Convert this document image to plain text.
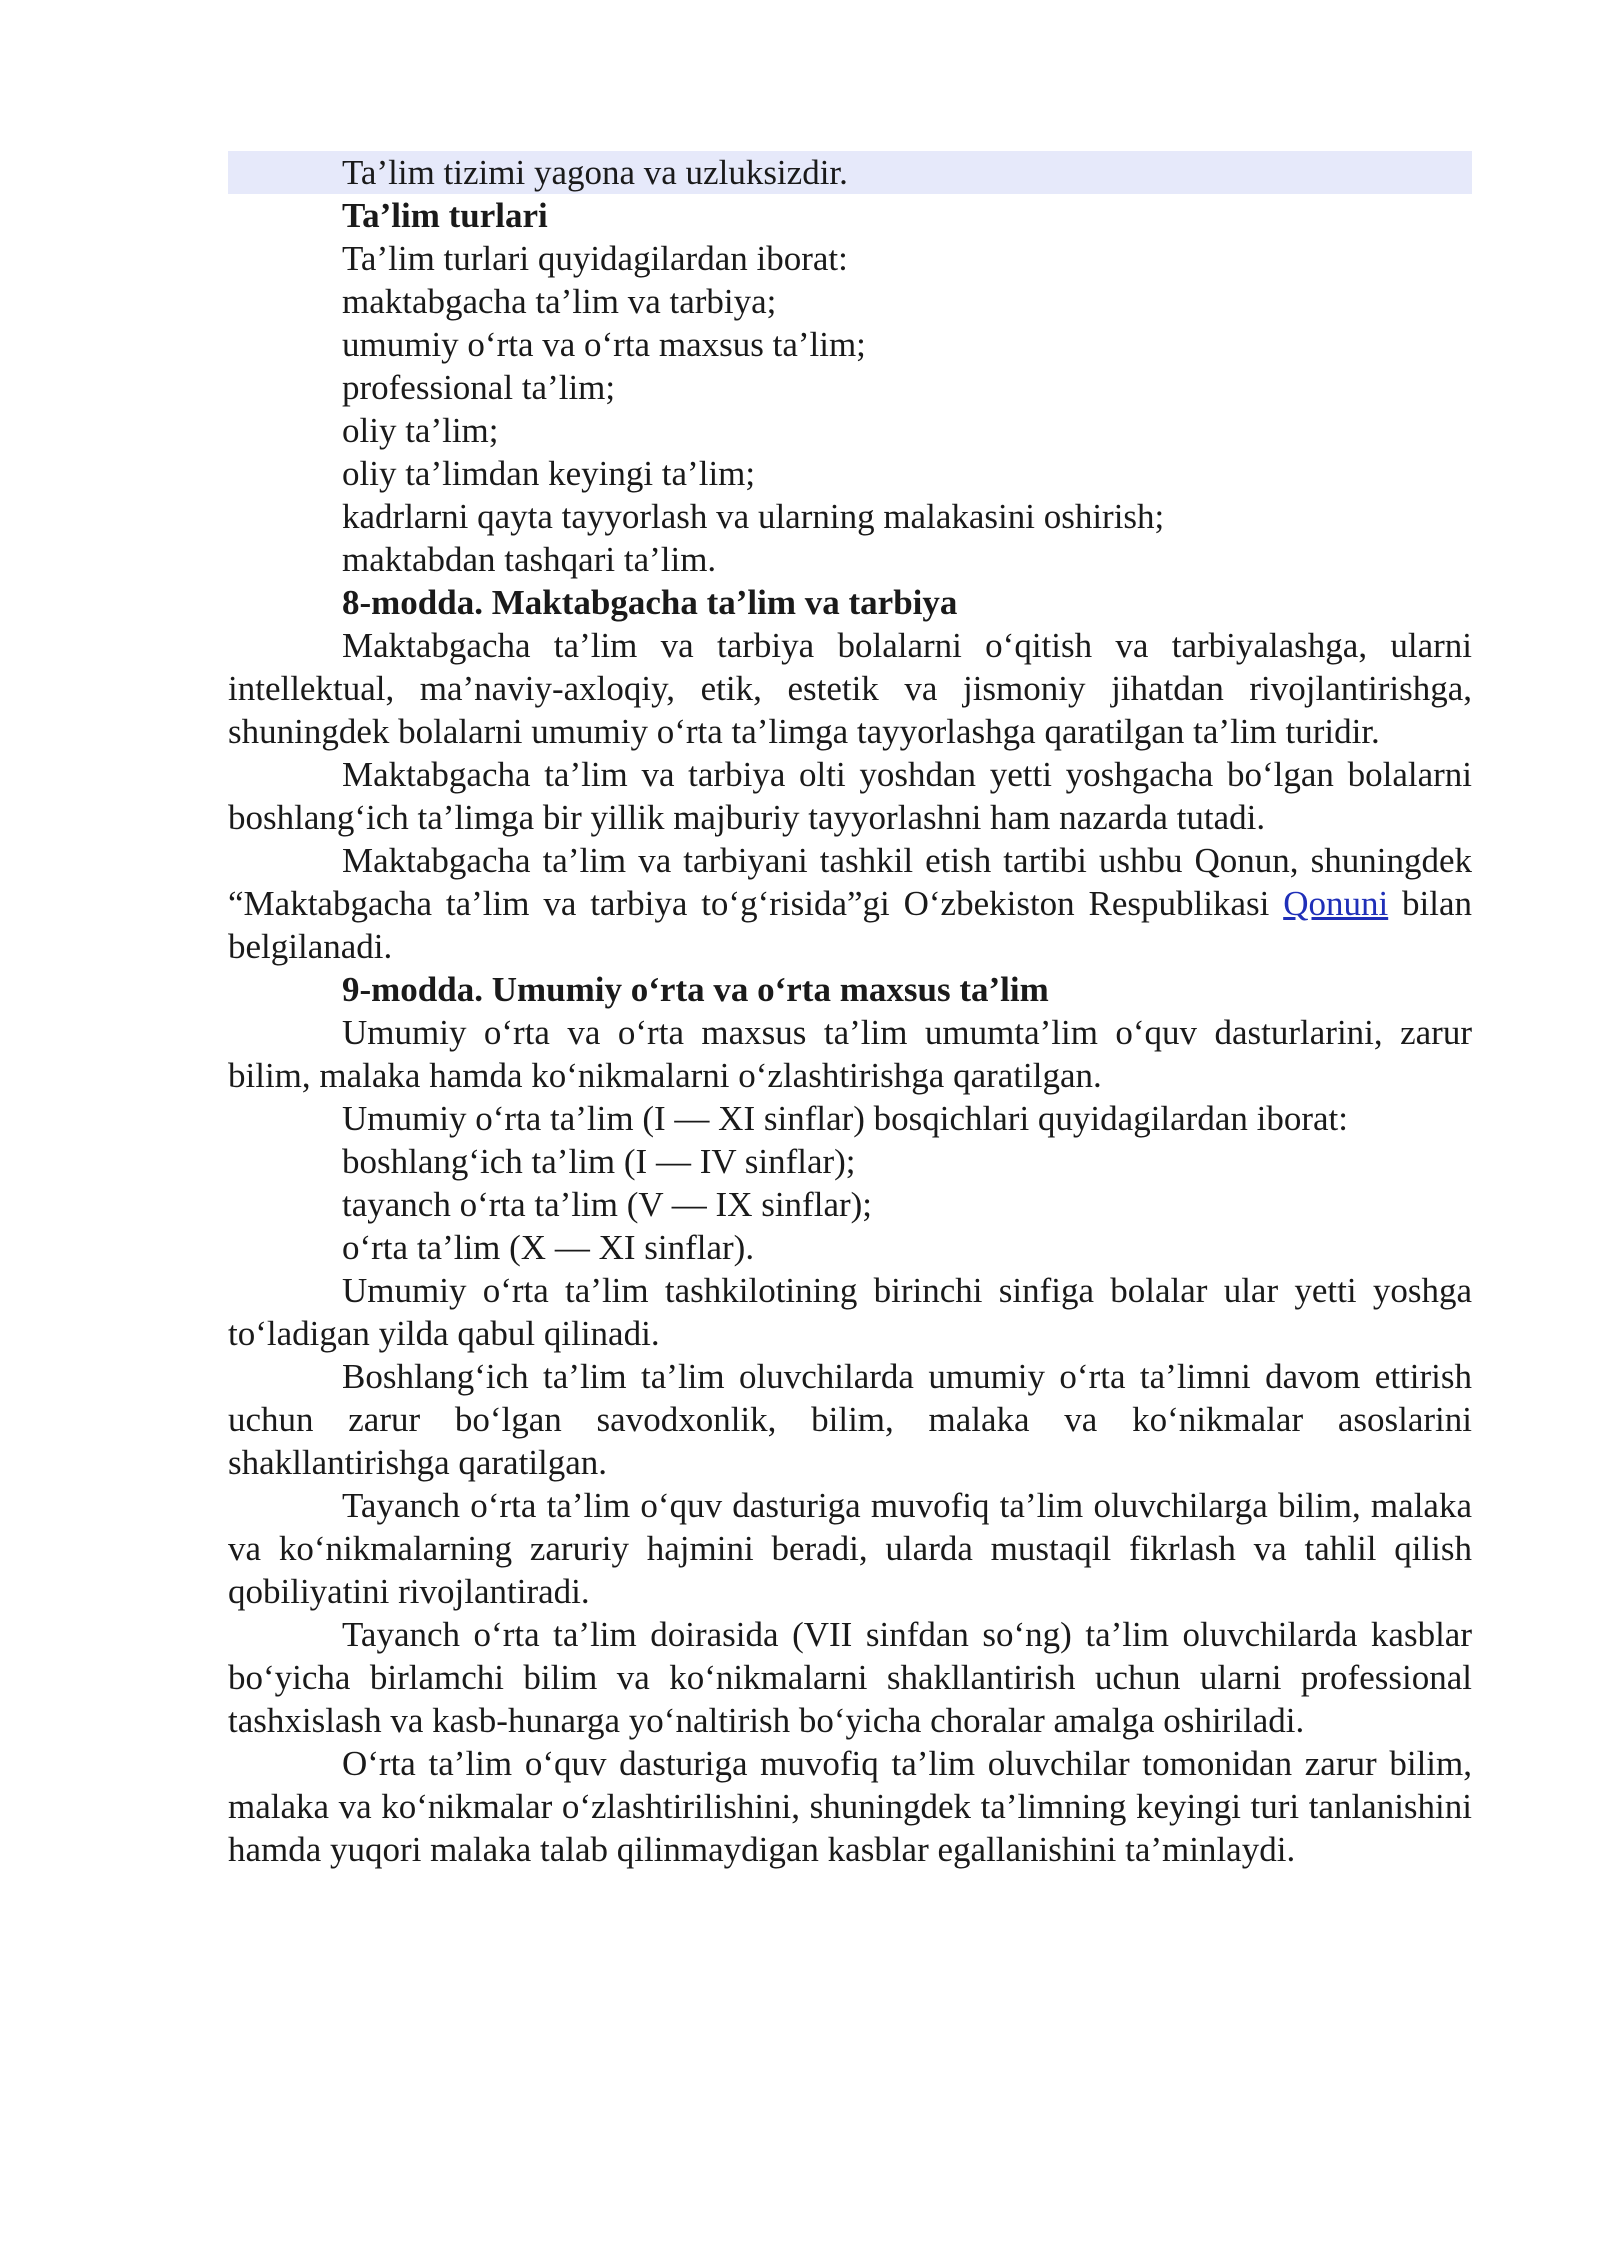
Ta’lim tizimi yagona va uzluksizdir.

Ta’lim turlari

Ta’lim turlari quyidagilardan iborat:

maktabgacha ta’lim va tarbiya;

umumiy o‘rta va o‘rta maxsus ta’lim;

professional ta’lim;

oliy ta’lim;

oliy ta’limdan keyingi ta’lim;

kadrlarni qayta tayyorlash va ularning malakasini oshirish;

maktabdan tashqari ta’lim.

8-modda. Maktabgacha ta’lim va tarbiya

Maktabgacha ta’lim va tarbiya bolalarni o‘qitish va tarbiyalashga, ularni intellektual, ma’naviy-axloqiy, etik, estetik va jismoniy jihatdan rivojlantirishga, shuningdek bolalarni umumiy o‘rta ta’limga tayyorlashga qaratilgan ta’lim turidir.

Maktabgacha ta’lim va tarbiya olti yoshdan yetti yoshgacha bo‘lgan bolalarni boshlang‘ich ta’limga bir yillik majburiy tayyorlashni ham nazarda tutadi.

Maktabgacha ta’lim va tarbiyani tashkil etish tartibi ushbu Qonun, shuningdek “Maktabgacha ta’lim va tarbiya to‘g‘risida”gi O‘zbekiston Respublikasi Qonuni bilan belgilanadi.

9-modda. Umumiy o‘rta va o‘rta maxsus ta’lim

Umumiy o‘rta va o‘rta maxsus ta’lim umumta’lim o‘quv dasturlarini, zarur bilim, malaka hamda ko‘nikmalarni o‘zlashtirishga qaratilgan.

Umumiy o‘rta ta’lim (I — XI sinflar) bosqichlari quyidagilardan iborat:

boshlang‘ich ta’lim (I — IV sinflar);

tayanch o‘rta ta’lim (V — IX sinflar);

o‘rta ta’lim (X — XI sinflar).

Umumiy o‘rta ta’lim tashkilotining birinchi sinfiga bolalar ular yetti yoshga to‘ladigan yilda qabul qilinadi.

Boshlang‘ich ta’lim ta’lim oluvchilarda umumiy o‘rta ta’limni davom ettirish uchun zarur bo‘lgan savodxonlik, bilim, malaka va ko‘nikmalar asoslarini shakllantirishga qaratilgan.

Tayanch o‘rta ta’lim o‘quv dasturiga muvofiq ta’lim oluvchilarga bilim, malaka va ko‘nikmalarning zaruriy hajmini beradi, ularda mustaqil fikrlash va tahlil qilish qobiliyatini rivojlantiradi.

Tayanch o‘rta ta’lim doirasida (VII sinfdan so‘ng) ta’lim oluvchilarda kasblar bo‘yicha birlamchi bilim va ko‘nikmalarni shakllantirish uchun ularni professional tashxislash va kasb-hunarga yo‘naltirish bo‘yicha choralar amalga oshiriladi.

O‘rta ta’lim o‘quv dasturiga muvofiq ta’lim oluvchilar tomonidan zarur bilim, malaka va ko‘nikmalar o‘zlashtirilishini, shuningdek ta’limning keyingi turi tanlanishini hamda yuqori malaka talab qilinmaydigan kasblar egallanishini ta’minlaydi.
